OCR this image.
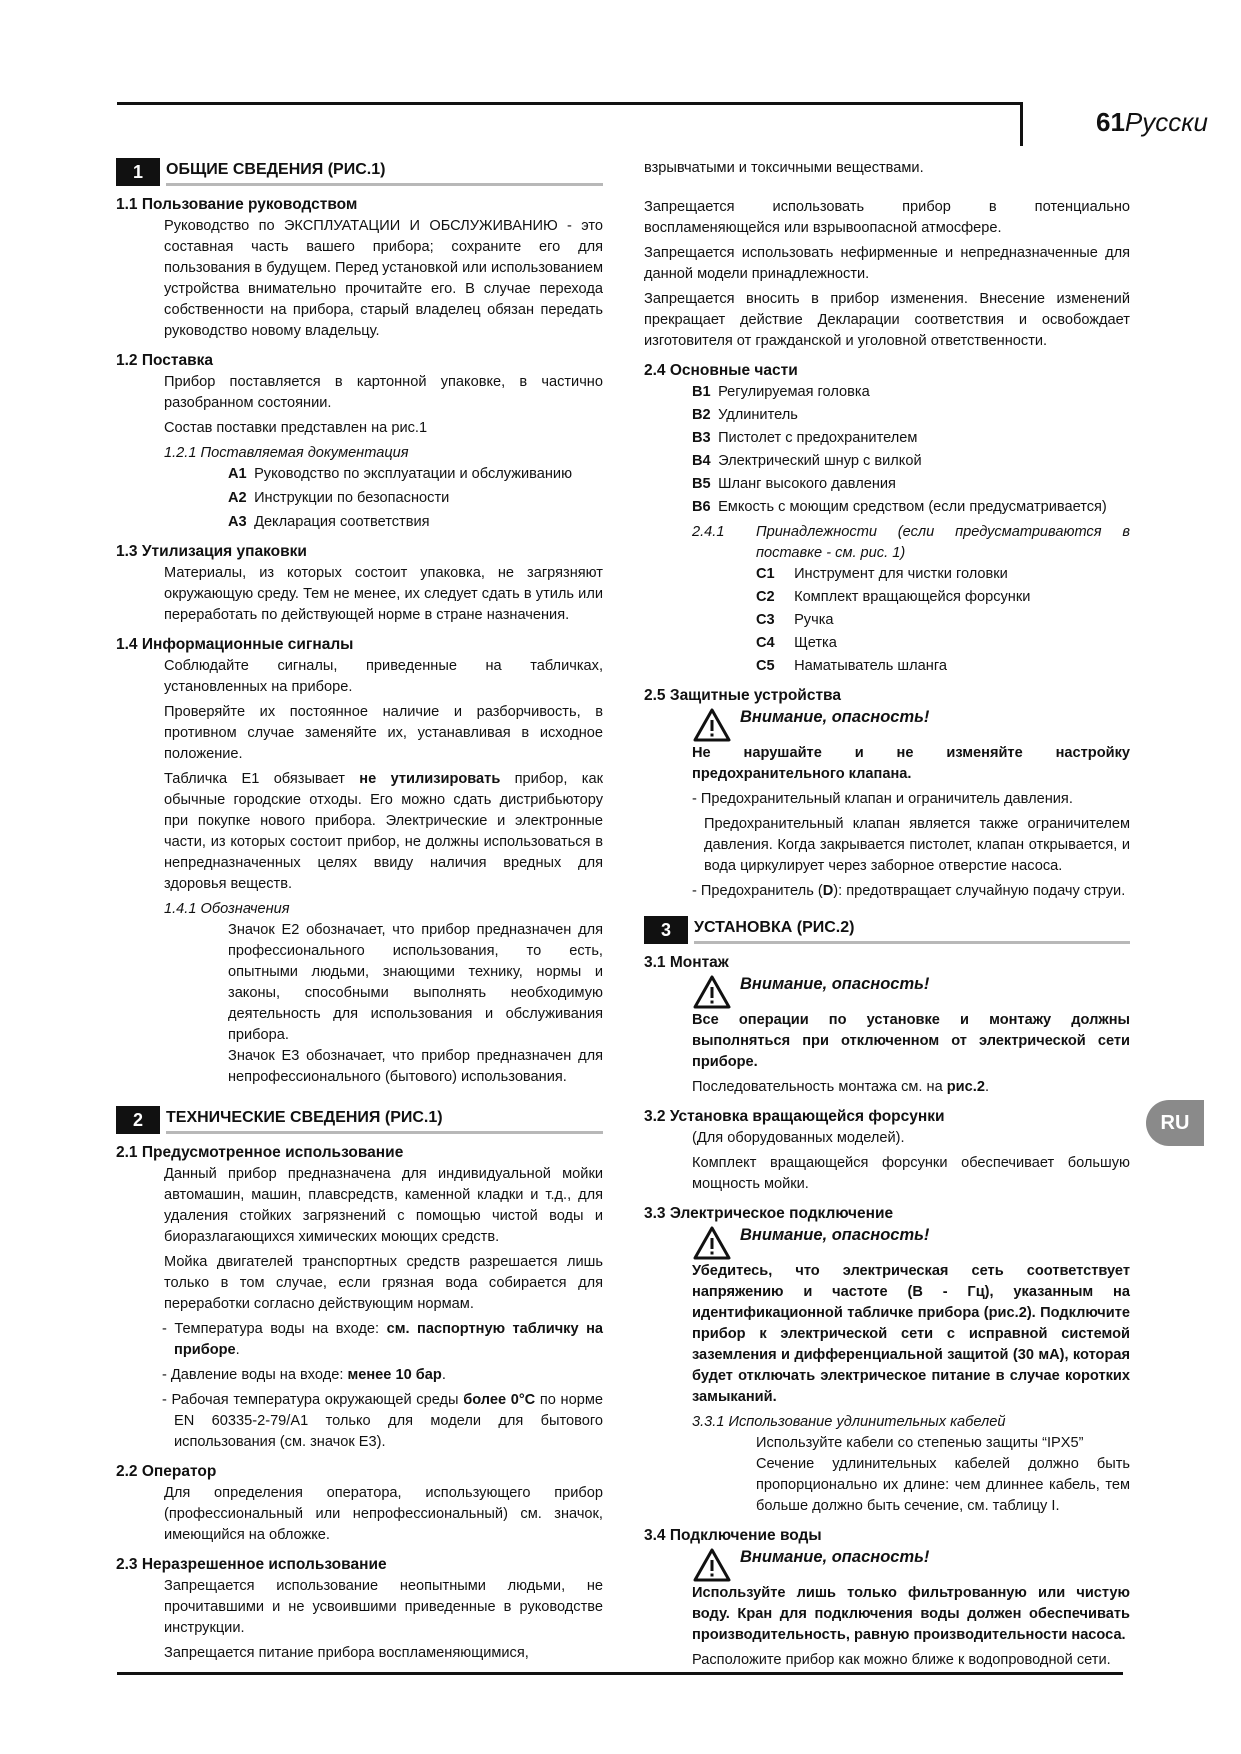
61Русски
RU
1	ОБЩИЕ СВЕДЕНИЯ (РИС.1)
1.1 Пользование руководством

Руководство по ЭКСПЛУАТАЦИИ И ОБСЛУЖИВАНИЮ - это составная часть вашего прибора; сохраните его для пользования в будущем. Перед установкой или использованием устройства внимательно прочитайте его. В случае перехода собственности на прибора, старый владелец обязан передать руководство новому владельцу.

1.2 Поставка

Прибор поставляется в картонной упаковке, в частично разобранном состоянии.

Состав поставки представлен на рис.1

1.2.1 Поставляемая документация

A1 Руководство по эксплуатации и обслуживанию
A2 Инструкции по безопасности
A3 Декларация соответствия
1.3 Утилизация упаковки

Материалы, из которых состоит упаковка, не загрязняют окружающую среду. Тем не менее, их следует сдать в утиль или переработать по действующей норме в стране назначения.

1.4 Информационные сигналы

Соблюдайте сигналы, приведенные на табличках, установленных на приборе.

Проверяйте их постоянное наличие и разборчивость, в противном случае заменяйте их, устанавливая в исходное положение.

Табличка E1 обязывает не утилизировать прибор, как обычные городские отходы. Его можно сдать дистрибьютору при покупке нового прибора. Электрические и электронные части, из которых состоит прибор, не должны использоваться в непредназначенных целях ввиду наличия вредных для здоровья веществ.

1.4.1 Обозначения

Значок E2 обозначает, что прибор предназначен для профессионального использования, то есть, опытными людьми, знающими технику, нормы и законы, способными выполнять необходимую деятельность для использования и обслуживания прибора.

Значок E3 обозначает, что прибор предназначен для непрофессионального (бытового) использования.

2	ТЕХНИЧЕСКИЕ СВЕДЕНИЯ (РИС.1)
2.1 Предусмотренное использование

Данный прибор предназначена для индивидуальной мойки автомашин, машин, плавсредств, каменной кладки и т.д., для удаления стойких загрязнений с помощью чистой воды и биоразлагающихся химических моющих средств.

Мойка двигателей транспортных средств разрешается лишь только в том случае, если грязная вода собирается для переработки согласно действующим нормам.

- Температура воды на входе: см. паспортную табличку на приборе.

- Давление воды на входе: менее 10 бар.

- Рабочая температура окружающей среды более 0°C по норме EN 60335-2-79/A1 только для модели для бытового использования (см. значок E3).

2.2 Оператор

Для определения оператора, использующего прибор (профессиональный или непрофессиональный) см. значок, имеющийся на обложке.

2.3 Неразрешенное использование

Запрещается использование неопытными людьми, не прочитавшими и не усвоившими приведенные в руководстве инструкции.

Запрещается питание прибора воспламеняющимися,

взрывчатыми и токсичными веществами.

Запрещается использовать прибор в потенциально воспламеняющейся или взрывоопасной атмосфере.

Запрещается использовать нефирменные и непредназначенные для данной модели принадлежности.

Запрещается вносить в прибор изменения. Внесение изменений прекращает действие Декларации соответствия и освобождает изготовителя от гражданской и уголовной ответственности.

2.4 Основные части
B1 Регулируемая головка
B2 Удлинитель
B3 Пистолет с предохранителем
B4 Электрический шнур с вилкой
B5 Шланг высокого давления
B6 Емкость с моющим средством (если предусматривается)
2.4.1	Принадлежности (если предусматриваются в поставке - см. рис. 1)
C1 Инструмент для чистки головки
C2 Комплект вращающейся форсунки
C3 Ручка
C4 Щетка
C5 Наматыватель шланга
2.5 Защитные устройства
Внимание, опасность!

Не нарушайте и не изменяйте настройку предохранительного клапана.

- Предохранительный клапан и ограничитель давления.

Предохранительный клапан является также ограничителем давления. Когда закрывается пистолет, клапан открывается, и вода циркулирует через заборное отверстие насоса.

- Предохранитель (D): предотвращает случайную подачу струи.

3	УСТАНОВКА (РИС.2)
3.1 Монтаж
Внимание, опасность!

Все операции по установке и монтажу должны выполняться при отключенном от электрической сети приборе.

Последовательность монтажа см. на рис.2.

3.2 Установка вращающейся форсунки

(Для оборудованных моделей).

Комплект вращающейся форсунки обеспечивает большую мощность мойки.

3.3 Электрическое подключение
Внимание, опасность!

Убедитесь, что электрическая сеть соответствует напряжению и частоте (В - Гц), указанным на идентификационной табличке прибора (рис.2). Подключите прибор к электрической сети с исправной системой заземления и дифференциальной защитой (30 мА), которая будет отключать электрическое питание в случае коротких замыканий.

3.3.1 Использование удлинительных кабелей

Используйте кабели со степенью защиты “IPX5”

Сечение удлинительных кабелей должно быть пропорционально их длине: чем длиннее кабель, тем больше должно быть сечение, см. таблицу I.

3.4 Подключение воды
Внимание, опасность!

Используйте лишь только фильтрованную или чистую воду. Кран для подключения воды должен обеспечивать производительность, равную производительности насоса.

Расположите прибор как можно ближе к водопроводной сети.
